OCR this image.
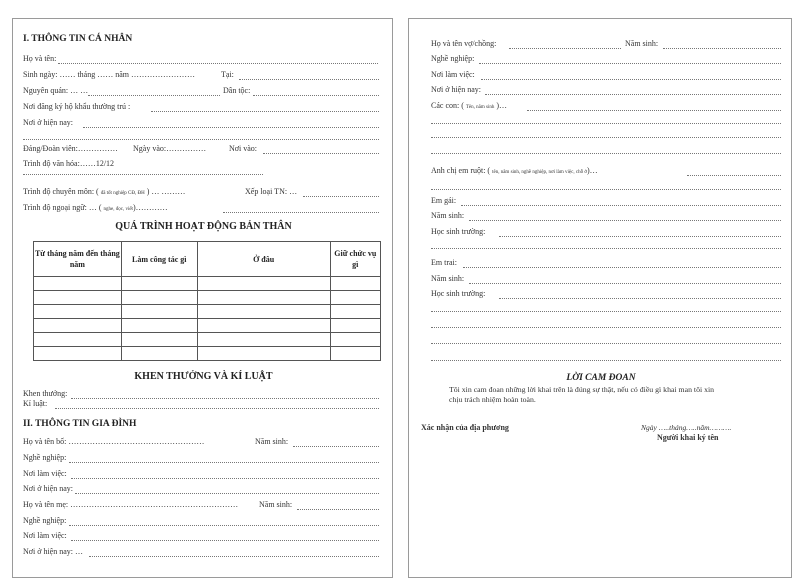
I. THÔNG TIN CÁ NHÂN
Họ và tên:
Sinh ngày: …… tháng …… năm ……………………	Tại:
Nguyên quán: … …	Dân tộc:
Nơi đăng ký hộ khẩu thường trú :
Nơi ở hiện nay:
Đảng/Đoàn viên:…………… Ngày vào:……………	Nơi vào:
Trình độ văn hóa:……12/12
Trình độ chuyên môn: ( đã tốt nghiệp CĐ, ĐH ) … ………	Xếp loại TN: …
Trình độ ngoại ngữ: … ( nghe, đọc, viết)…………
QUÁ TRÌNH HOẠT ĐỘNG BẢN THÂN
Từ tháng năm đến tháng năm	Làm công tác gì	Ở đâu	Giữ chức vụ gì

KHEN THƯỞNG VÀ KÍ LUẬT
Khen thưởng:
Kỉ luật:
II. THÔNG TIN GIA ĐÌNH
Họ và tên bố: ……………………………………………	Năm sinh:
Nghề nghiệp:
Nơi làm việc:
Nơi ở hiện nay:
Họ và tên mẹ: ………………………………………………………	Năm sinh:
Nghề nghiệp:
Nơi làm việc:
Nơi ở hiện nay: …
Họ và tên vợ/chồng:	Năm sinh:
Nghề nghiệp:
Nơi làm việc:
Nơi ở hiện nay:
Các con: ( Tên, năm sinh )…
Anh chị em ruột: ( tên, năm sinh, nghề nghiệp, nơi làm việc, chỗ ở)…
Em gái:
Năm sinh:
Học sinh trường:
Em trai:
Năm sinh:
Học sinh trường:
LỜI CAM ĐOAN
Tôi xin cam đoan những lời khai trên là đúng sự thật, nếu có điều gì khai man tôi xin
chịu trách nhiệm hoàn toàn.
Xác nhận của địa phương	Ngày …..tháng…..năm……….
Người khai ký tên
